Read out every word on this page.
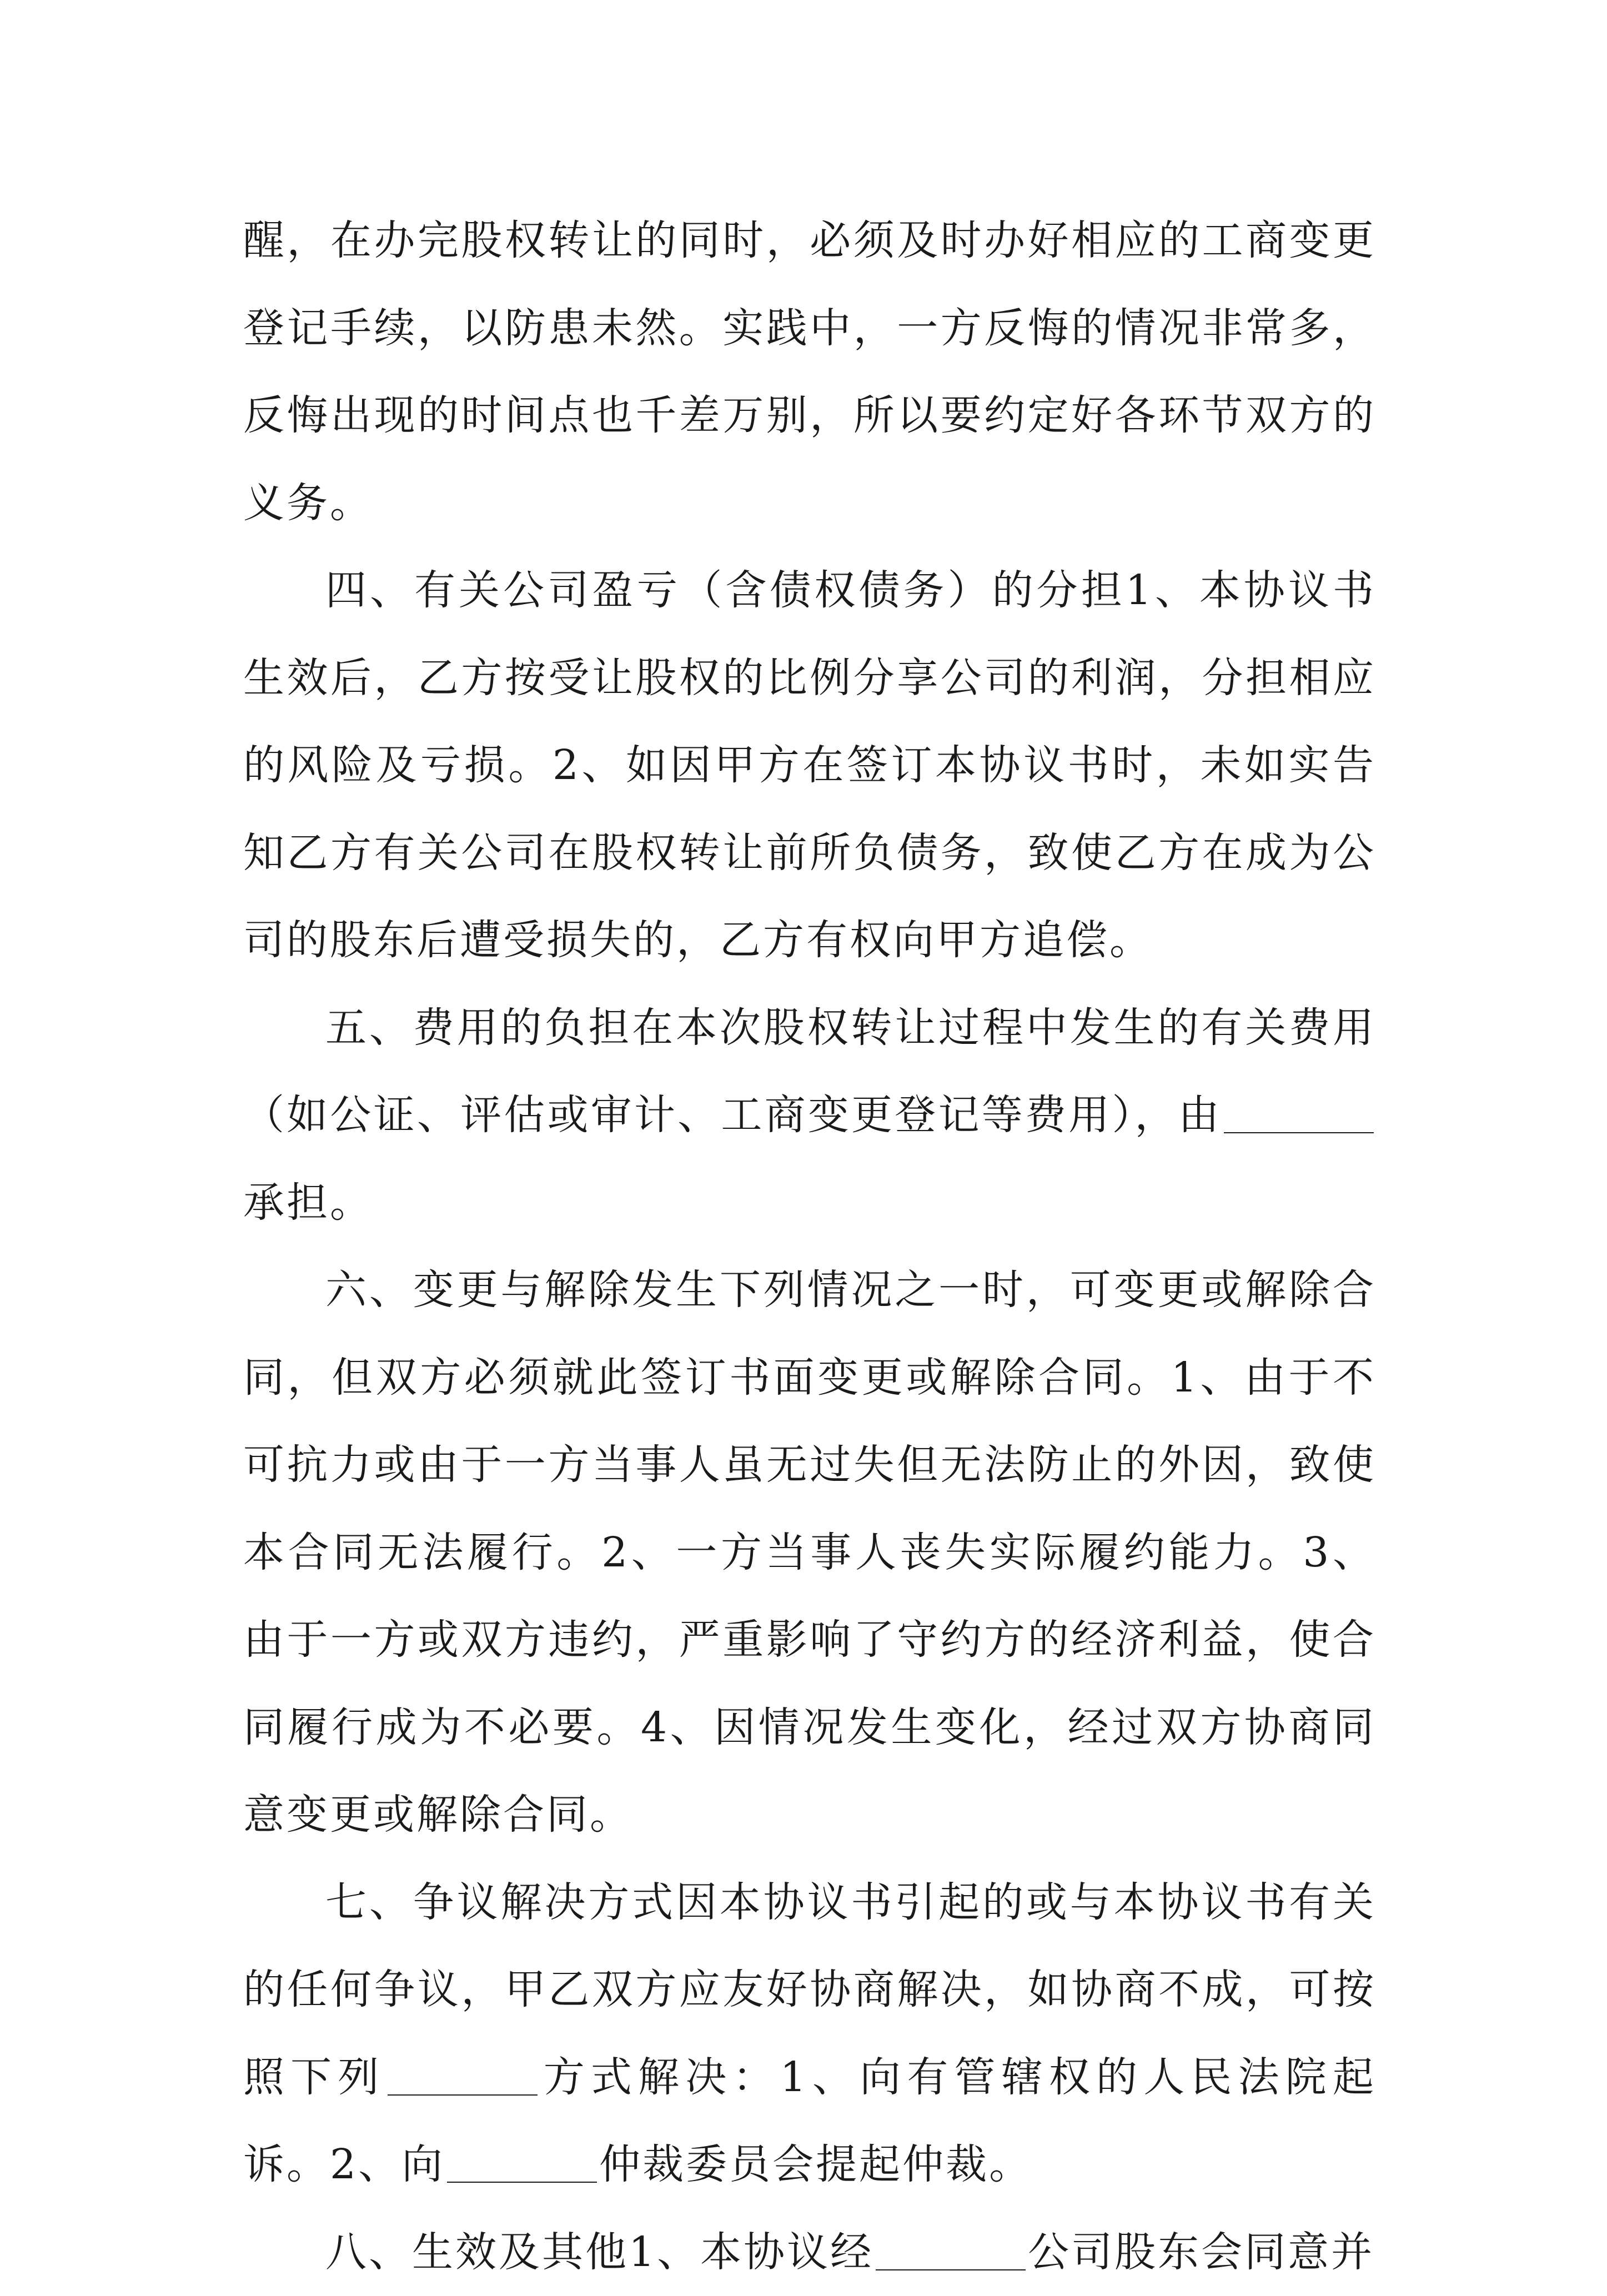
醒，在办完股权转让的同时，必须及时办好相应的工商变更登记手续，以防患未然。实践中，一方反悔的情况非常多，反悔出现的时间点也千差万别，所以要约定好各环节双方的义务。

四、有关公司盈亏（含债权债务）的分担1、本协议书生效后，乙方按受让股权的比例分享公司的利润，分担相应的风险及亏损。2、如因甲方在签订本协议书时，未如实告知乙方有关公司在股权转让前所负债务，致使乙方在成为公司的股东后遭受损失的，乙方有权向甲方追偿。

五、费用的负担在本次股权转让过程中发生的有关费用（如公证、评估或审计、工商变更登记等费用），由承担。

六、变更与解除发生下列情况之一时，可变更或解除合同，但双方必须就此签订书面变更或解除合同。1、由于不可抗力或由于一方当事人虽无过失但无法防止的外因，致使本合同无法履行。2、一方当事人丧失实际履约能力。3、由于一方或双方违约，严重影响了守约方的经济利益，使合同履行成为不必要。4、因情况发生变化，经过双方协商同意变更或解除合同。

七、争议解决方式因本协议书引起的或与本协议书有关的任何争议，甲乙双方应友好协商解决，如协商不成，可按照下列	方式解决：1、向有管辖权的人民法院起诉。2、向	仲裁委员会提起仲裁。

八、生效及其他1、本协议经	公司股东会同意并
